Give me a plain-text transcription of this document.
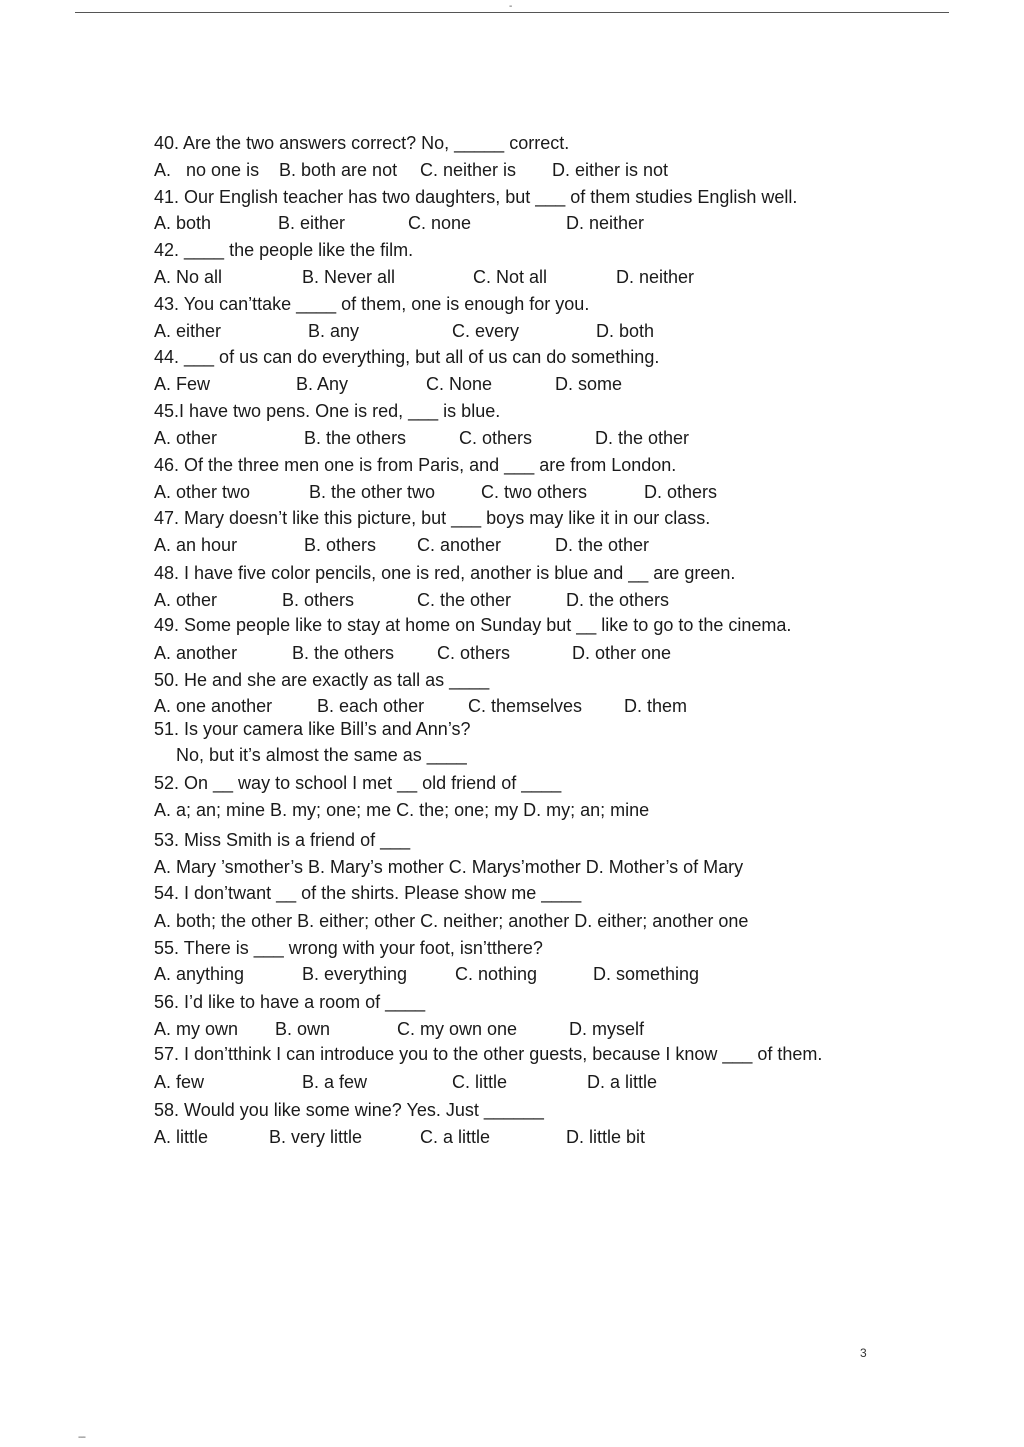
-
40. Are the two answers correct? No, _____ correct.
A.   no one is B. both are not C. neither is D. either is not
41. Our English teacher has two daughters, but ___ of them studies English well.
A. both	B. either	C. none	D. neither
42. ____ the people like the film.
A. No all	B. Never all	C. Not all	D. neither
43. You can’ttake ____ of them, one is enough for you.
A. either	B. any	C. every	D. both
44. ___ of us can do everything, but all of us can do something.
A. Few	B. Any	C. None	D. some
45.I have two pens. One is red, ___ is blue.
A. other	B. the others	C. others	D. the other
46. Of the three men one is from Paris, and ___ are from London.
A. other two	B. the other two	C. two others	D. others
47. Mary doesn’t like this picture, but ___ boys may like it in our class.
A. an hour	B. others C. another	D. the other
48. I have five color pencils, one is red, another is blue and __ are green.
A. other	B. others	C. the other	D. the others
49. Some people like to stay at home on Sunday but __ like to go to the cinema.
A. another	B. the others C. others	D. other one
50. He and she are exactly as tall as ____
A. one another B. each other C. themselves D. them
51. Is your camera like Bill’s and Ann’s?
No, but it’s almost the same as ____
52. On __ way to school I met __ old friend of ____
A. a; an; mine B. my; one; me C. the; one; my D. my; an; mine
53. Miss Smith is a friend of ___
A. Mary ’smother’s B. Mary’s mother C. Marys’mother D. Mother’s of Mary
54. I don’twant __ of the shirts. Please show me ____
A. both; the other B. either; other C. neither; another D. either; another one
55. There is ___ wrong with your foot, isn’tthere?
A. anything	B. everything	C. nothing	D. something
56. I’d like to have a room of ____
A. my own B. own	C. my own one	D. myself
57. I don’tthink I can introduce you to the other guests, because I know ___ of them.
A. few	B. a few	C. little	D. a little
58. Would you like some wine? Yes. Just ______
A. little	B. very little	C. a little	D. little bit
3
---
